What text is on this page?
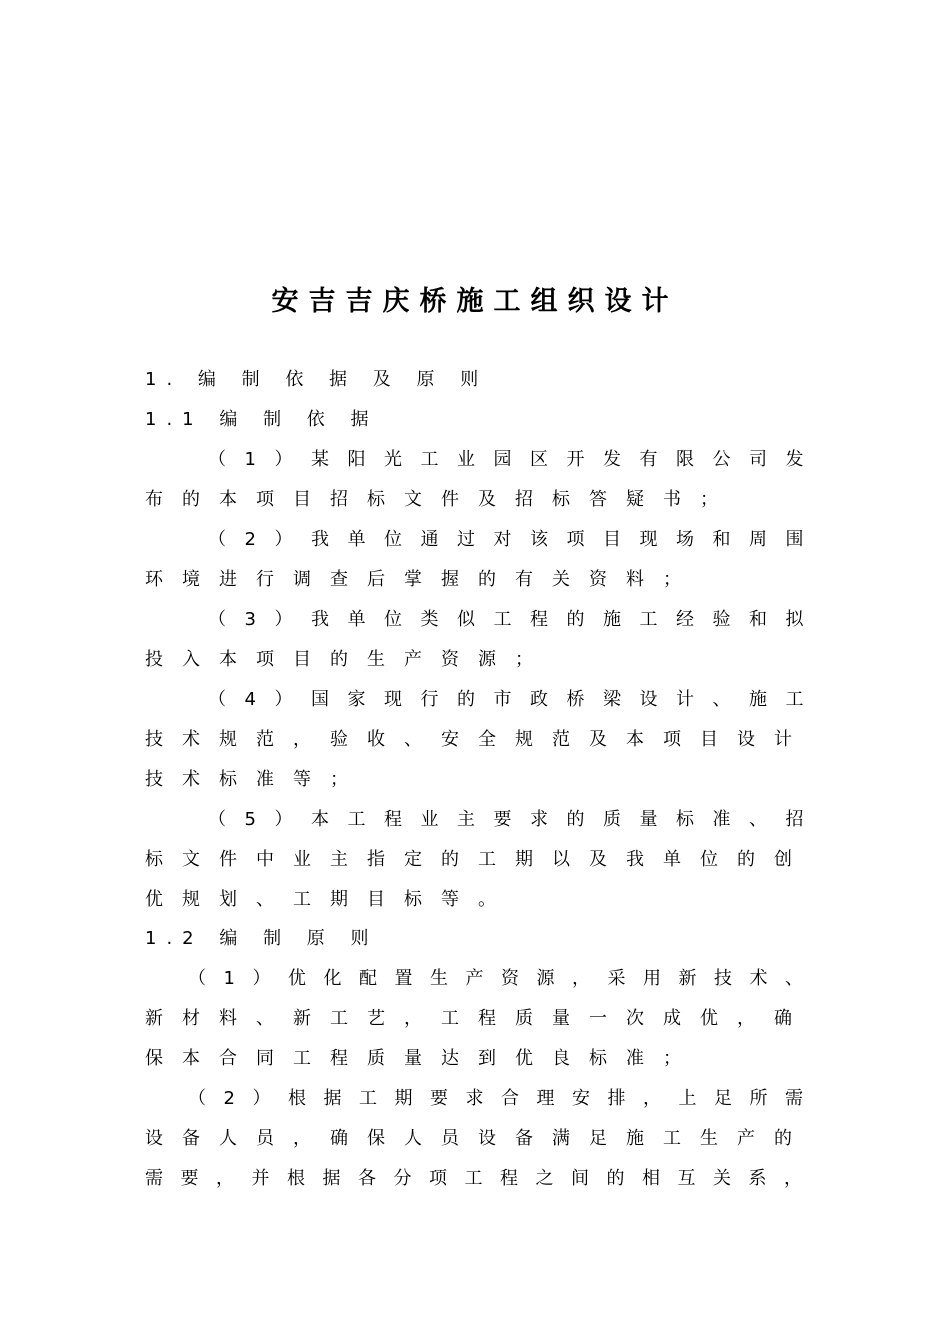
安吉吉庆桥施工组织设计
1. 编 制 依 据 及 原 则
1.1 编 制 依 据
（1）某阳光工业园区开发有限公司发
布的本项目招标文件及招标答疑书；
（2）我单位通过对该项目现场和周围
环境进行调查后掌握的有关资料；
（3）我单位类似工程的施工经验和拟
投入本项目的生产资源；
（4）国家现行的市政桥梁设计、施工
技术规范，验收、安全规范及本项目设计
技术标准等；
（5）本工程业主要求的质量标准、招
标文件中业主指定的工期以及我单位的创
优规划、工期目标等。
1.2 编 制 原 则
（1）优化配置生产资源，采用新技术、
新材料、新工艺，工程质量一次成优，确
保本合同工程质量达到优良标准；
（2）根据工期要求合理安排，上足所需
设备人员，确保人员设备满足施工生产的
需要，并根据各分项工程之间的相互关系，
